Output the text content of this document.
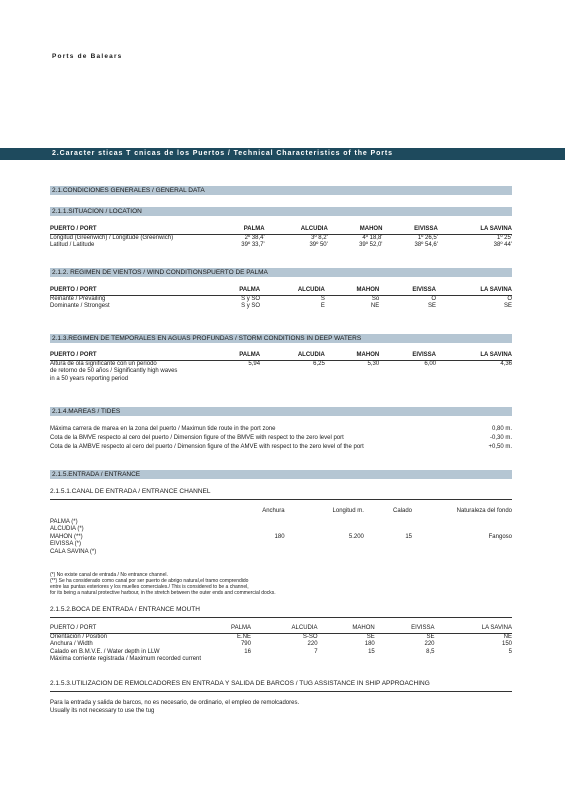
Ports de Balears
2.Caracter sticas T cnicas de los Puertos / Technical Characteristics of the Ports
2.1.CONDICIONES GENERALES / GENERAL DATA
2.1.1.SITUACION / LOCATION
PUERTO / PORT	PALMA	ALCUDIA	MAHON	EIVISSA	LA SAVINA
Longitud (Greenwich) / Longitude (Greenwich)	2º 38,4'	3º 8,2'	4º 18,8'	1º 26,5'	1º 25'
Latitud / Latitude	39º 33,7'	39º 50'	39º 52,0'	38º 54,6'	38º 44'
2.1.2. REGIMEN DE VIENTOS / WIND CONDITIONSPUERTO DE PALMA
PUERTO / PORT	PALMA	ALCUDIA	MAHON	EIVISSA	LA SAVINA
Reinante / Prevailing	S y SO	S	So	O	O
Dominante / Strongest	S y SO	E	NE	SE	SE
2.1.3.REGIMEN DE TEMPORALES EN AGUAS PROFUNDAS / STORM CONDITIONS IN DEEP WATERS
PUERTO / PORT	PALMA	ALCUDIA	MAHON	EIVISSA	LA SAVINA

Altura de ola significante con un periodo
de retorno de 50 años / Significantly high waves
in a 50 years reporting period	5,94	6,25	5,30	6,00	4,36
2.1.4.MAREAS / TIDES
Máxima carrera de marea en la zona del puerto / Maximun tide route in the port zone	0,80 m.
Cota de la BMVE respecto al cero del puerto / Dimension figure of the BMVE with respect to the zero level port	-0,30 m.
Cota de la AMBVE respecto al cero del puerto / Dimension figure of the AMVE with respect to the zero level of the port	+0,50 m.
2.1.5.ENTRADA / ENTRANCE
2.1.5.1.CANAL DE ENTRADA / ENTRANCE CHANNEL
	Anchura	Longitud m.	Calado	Naturaleza del fondo

PALMA (*)				
ALCUDIA (*)				
MAHON (**)	180	5.200	15	Fangoso
EIVISSA (*)				
CALA SAVINA (*)				
(*) No existe canal de entrada / No entrance channel.
(**) Se ha considerado como canal por ser puerto de abrigo natural,el tramo comprendido
entre las puntas exteriores y los muelles comerciales./ This is considered to be a channel,
for its being a natural protective harbour, in the stretch between the outer ends and commercial docks.
2.1.5.2.BOCA DE ENTRADA / ENTRANCE MOUTH
PUERTO / PORT	PALMA	ALCUDIA	MAHON	EIVISSA	LA SAVINA
Orientación / Position	E.NE	S-SO	SE	SE	NE
Anchura / Width	790	220	180	220	150
Calado en B.M.V.E. / Water depth in LLW	16	7	15	8,5	5
Máxima corriente registrada / Maximum recorded current					
2.1.5.3.UTILIZACION DE REMOLCADORES EN ENTRADA Y SALIDA DE BARCOS / TUG ASSISTANCE IN SHIP APPROACHING
Para la entrada y salida de barcos, no es necesario, de ordinario, el empleo de remolcadores.
Usually its not necessary to use the tug
